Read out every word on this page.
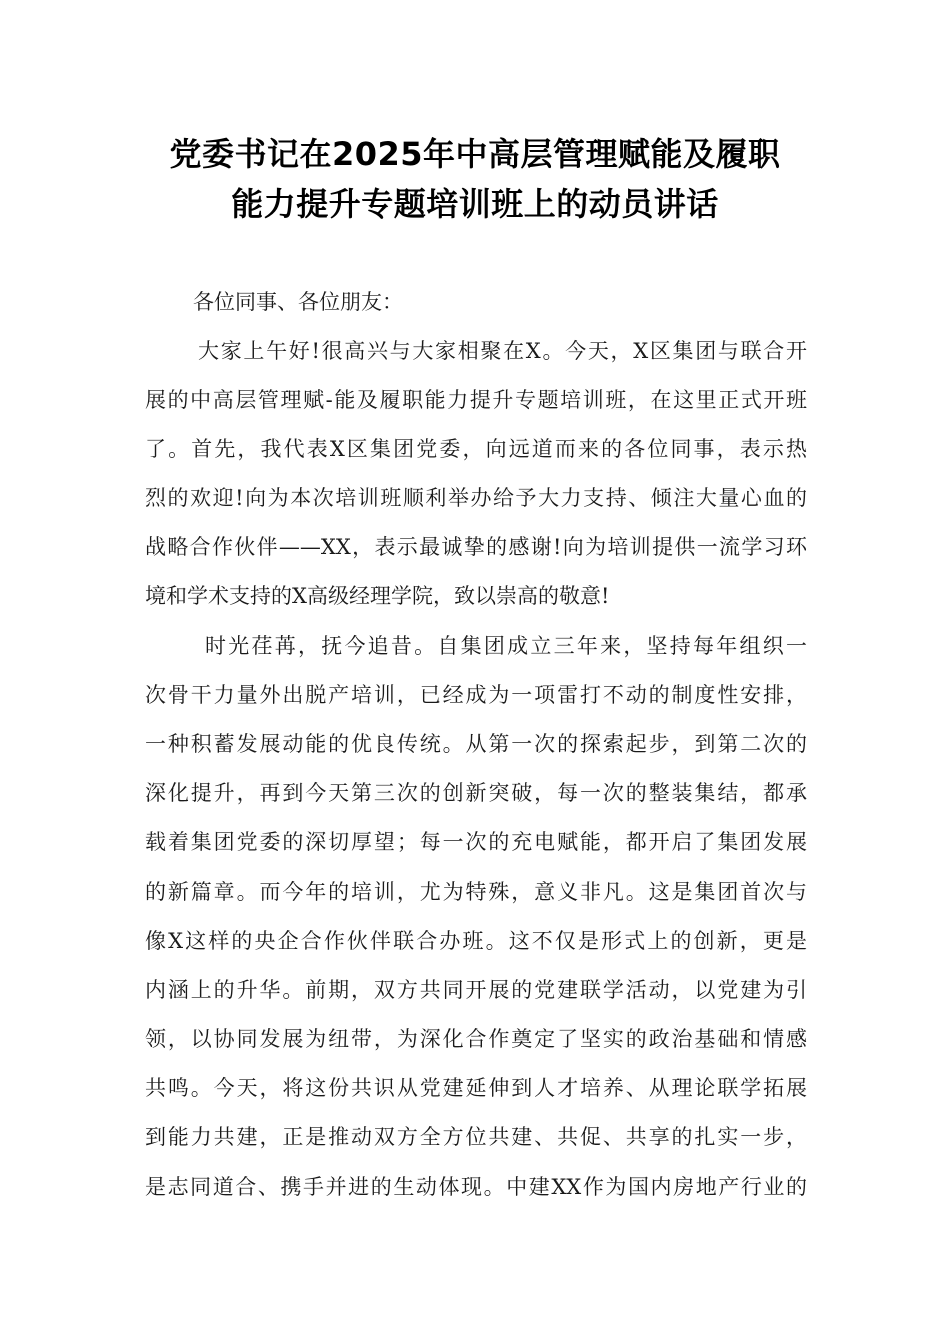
党委书记在2025年中高层管理赋能及履职
能力提升专题培训班上的动员讲话
各位同事、各位朋友：
大家上午好!很高兴与大家相聚在X。今天，X区集团与联合开
展的中高层管理赋-能及履职能力提升专题培训班，在这里正式开班
了。首先，我代表X区集团党委，向远道而来的各位同事，表示热
烈的欢迎!向为本次培训班顺利举办给予大力支持、倾注大量心血的
战略合作伙伴——XX，表示最诚挚的感谢!向为培训提供一流学习环
境和学术支持的X高级经理学院，致以崇高的敬意!
时光荏苒，抚今追昔。自集团成立三年来，坚持每年组织一
次骨干力量外出脱产培训，已经成为一项雷打不动的制度性安排，
一种积蓄发展动能的优良传统。从第一次的探索起步，到第二次的
深化提升，再到今天第三次的创新突破，每一次的整装集结，都承
载着集团党委的深切厚望；每一次的充电赋能，都开启了集团发展
的新篇章。而今年的培训，尤为特殊，意义非凡。这是集团首次与
像X这样的央企合作伙伴联合办班。这不仅是形式上的创新，更是
内涵上的升华。前期，双方共同开展的党建联学活动，以党建为引
领，以协同发展为纽带，为深化合作奠定了坚实的政治基础和情感
共鸣。今天，将这份共识从党建延伸到人才培养、从理论联学拓展
到能力共建，正是推动双方全方位共建、共促、共享的扎实一步，
是志同道合、携手并进的生动体现。中建XX作为国内房地产行业的
